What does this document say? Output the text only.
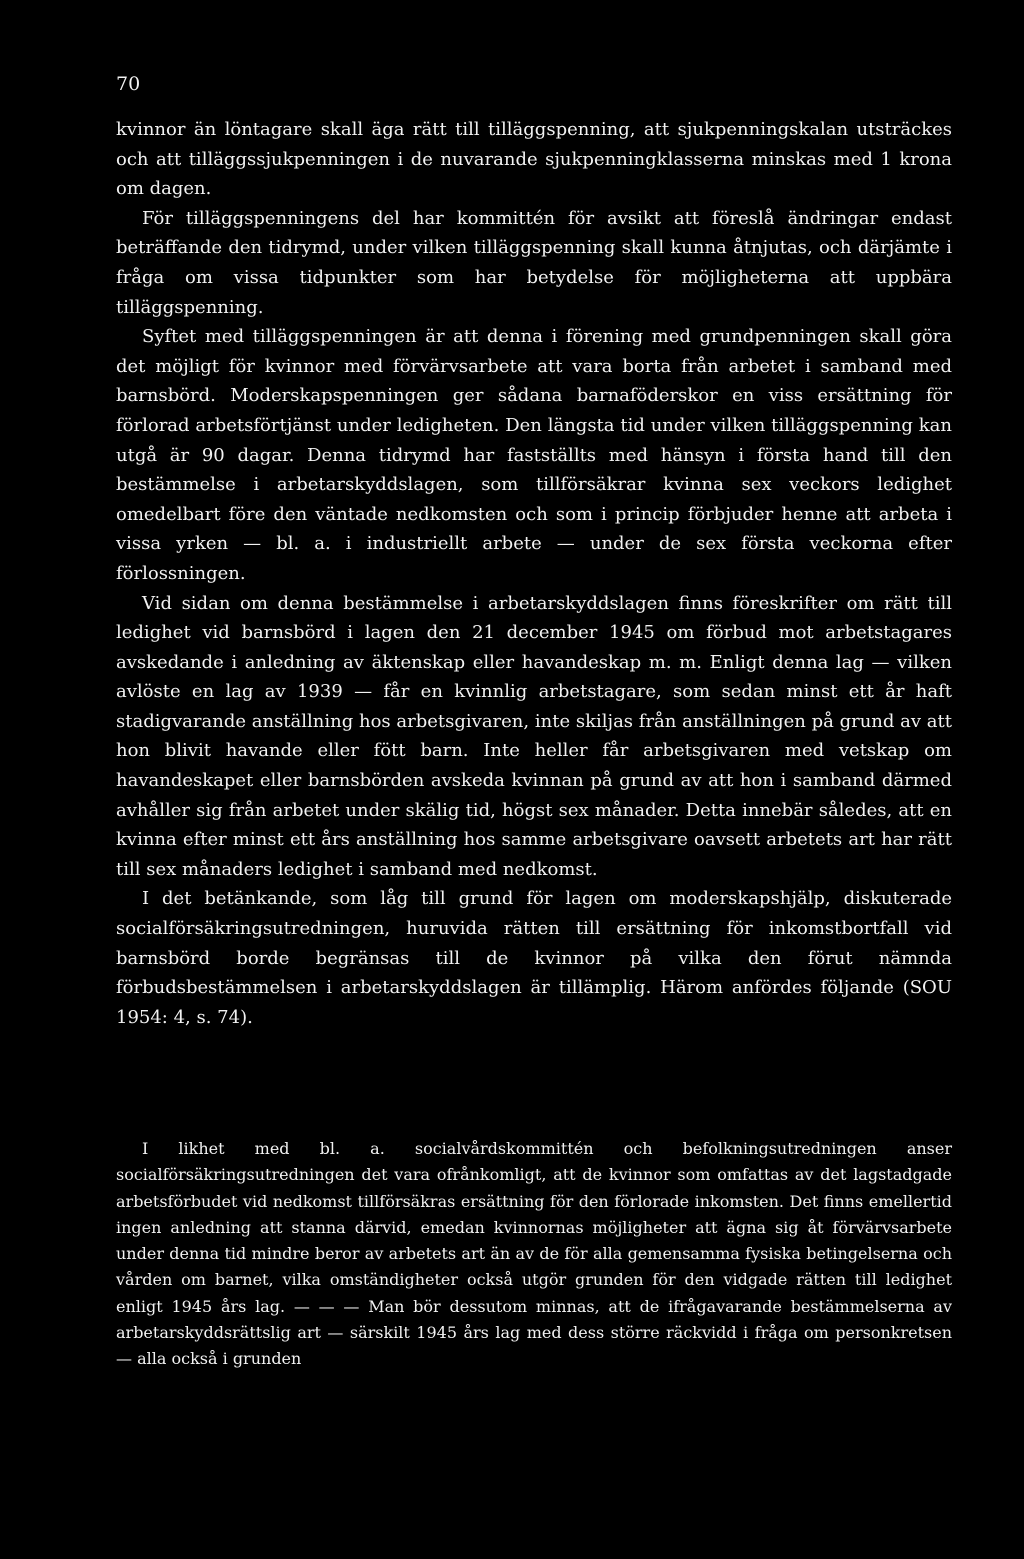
70

kvinnor än löntagare skall äga rätt till tilläggspenning, att sjukpenningskalan utsträckes och att tilläggssjukpenningen i de nuvarande sjukpenningklasserna minskas med 1 krona om dagen.

För tilläggspenningens del har kommittén för avsikt att föreslå ändringar endast beträffande den tidrymd, under vilken tilläggspenning skall kunna åtnjutas, och därjämte i fråga om vissa tidpunkter som har betydelse för möjligheterna att uppbära tilläggspenning.

Syftet med tilläggspenningen är att denna i förening med grundpenningen skall göra det möjligt för kvinnor med förvärvsarbete att vara borta från arbetet i samband med barnsbörd. Moderskapspenningen ger sådana barnaföderskor en viss ersättning för förlorad arbetsförtjänst under ledigheten. Den längsta tid under vilken tilläggspenning kan utgå är 90 dagar. Denna tidrymd har fastställts med hänsyn i första hand till den bestämmelse i arbetarskyddslagen, som tillförsäkrar kvinna sex veckors ledighet omedelbart före den väntade nedkomsten och som i princip förbjuder henne att arbeta i vissa yrken — bl. a. i industriellt arbete — under de sex första veckorna efter förlossningen.

Vid sidan om denna bestämmelse i arbetarskyddslagen finns föreskrifter om rätt till ledighet vid barnsbörd i lagen den 21 december 1945 om förbud mot arbetstagares avskedande i anledning av äktenskap eller havandeskap m. m. Enligt denna lag — vilken avlöste en lag av 1939 — får en kvinnlig arbetstagare, som sedan minst ett år haft stadigvarande anställning hos arbetsgivaren, inte skiljas från anställningen på grund av att hon blivit havande eller fött barn. Inte heller får arbetsgivaren med vetskap om havandeskapet eller barnsbörden avskeda kvinnan på grund av att hon i samband därmed avhåller sig från arbetet under skälig tid, högst sex månader. Detta innebär således, att en kvinna efter minst ett års anställning hos samme arbetsgivare oavsett arbetets art har rätt till sex månaders ledighet i samband med nedkomst.

I det betänkande, som låg till grund för lagen om moderskapshjälp, diskuterade socialförsäkringsutredningen, huruvida rätten till ersättning för inkomstbortfall vid barnsbörd borde begränsas till de kvinnor på vilka den förut nämnda förbudsbestämmelsen i arbetarskyddslagen är tillämplig. Härom anfördes följande (SOU 1954: 4, s. 74).

I likhet med bl. a. socialvårdskommittén och befolkningsutredningen anser socialförsäkringsutredningen det vara ofrånkomligt, att de kvinnor som omfattas av det lagstadgade arbetsförbudet vid nedkomst tillförsäkras ersättning för den förlorade inkomsten. Det finns emellertid ingen anledning att stanna därvid, emedan kvinnornas möjligheter att ägna sig åt förvärvsarbete under denna tid mindre beror av arbetets art än av de för alla gemensamma fysiska betingelserna och vården om barnet, vilka omständigheter också utgör grunden för den vidgade rätten till ledighet enligt 1945 års lag. — — — Man bör dessutom minnas, att de ifrågavarande bestämmelserna av arbetarskyddsrättslig art — särskilt 1945 års lag med dess större räckvidd i fråga om personkretsen — alla också i grunden
